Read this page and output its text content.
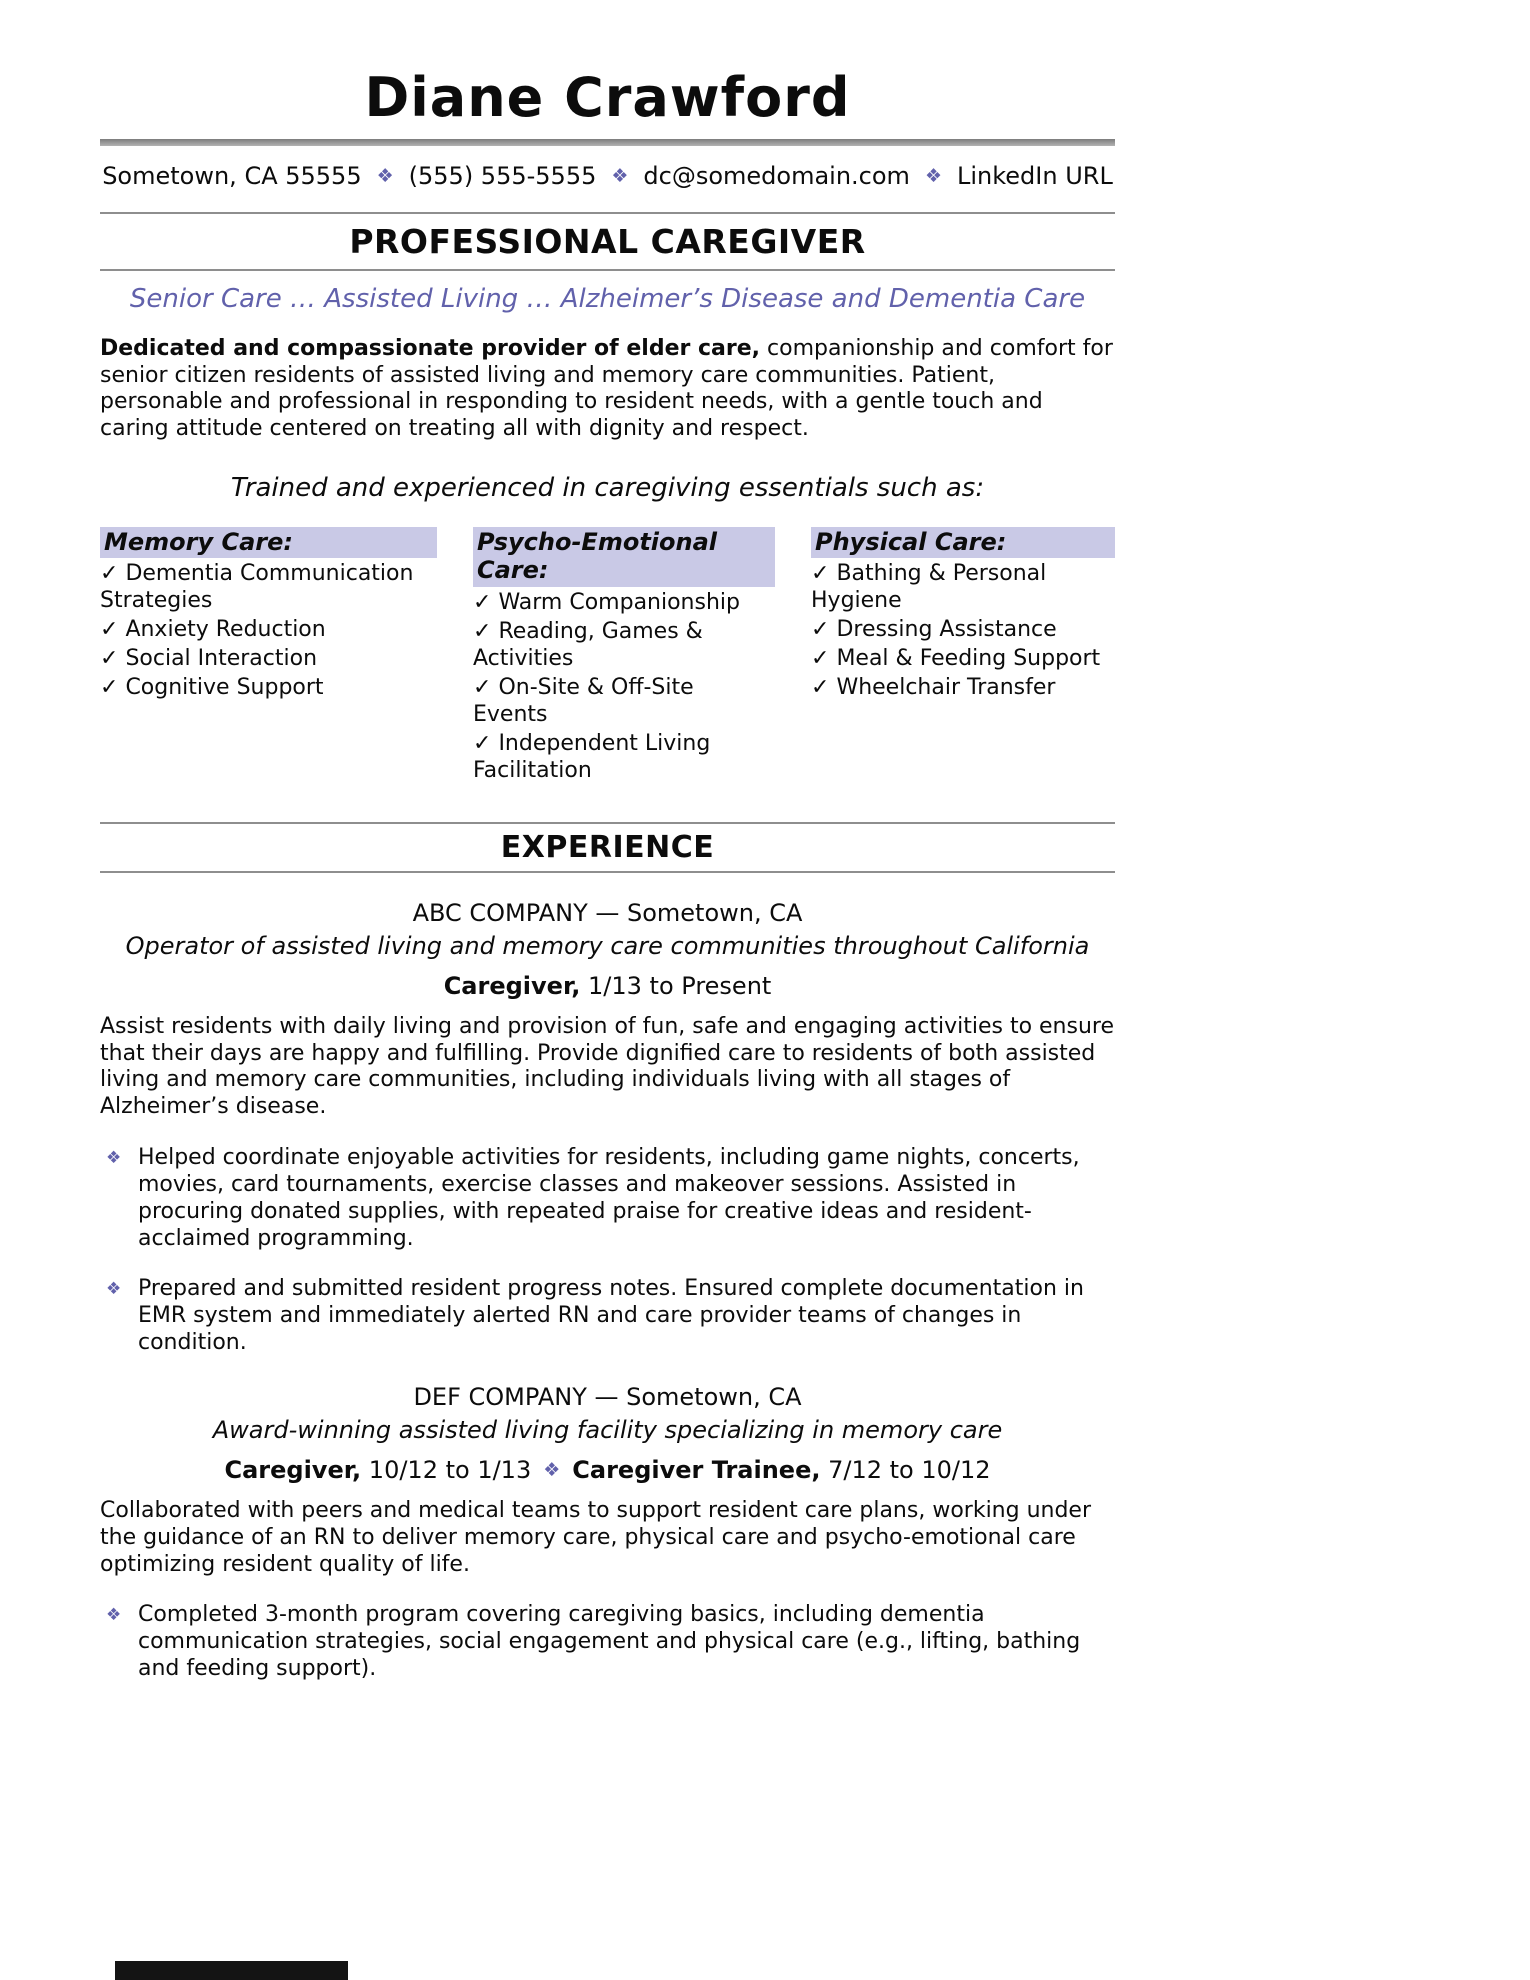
Diane Crawford
Sometown, CA 55555 ❖ (555) 555-5555 ❖ dc@somedomain.com ❖ LinkedIn URL
PROFESSIONAL CAREGIVER
Senior Care … Assisted Living … Alzheimer’s Disease and Dementia Care

Dedicated and compassionate provider of elder care, companionship and comfort for senior citizen residents of assisted living and memory care communities. Patient, personable and professional in responding to resident needs, with a gentle touch and caring attitude centered on treating all with dignity and respect.

Trained and experienced in caregiving essentials such as:
Memory Care:
✓ Dementia Communication Strategies
✓ Anxiety Reduction
✓ Social Interaction
✓ Cognitive Support
Psycho-Emotional Care:
✓ Warm Companionship
✓ Reading, Games & Activities
✓ On-Site & Off-Site Events
✓ Independent Living Facilitation
Physical Care:
✓ Bathing & Personal Hygiene
✓ Dressing Assistance
✓ Meal & Feeding Support
✓ Wheelchair Transfer
EXPERIENCE
ABC COMPANY — Sometown, CA
Operator of assisted living and memory care communities throughout California
Caregiver, 1/13 to Present

Assist residents with daily living and provision of fun, safe and engaging activities to ensure that their days are happy and fulfilling. Provide dignified care to residents of both assisted living and memory care communities, including individuals living with all stages of Alzheimer’s disease.

❖ Helped coordinate enjoyable activities for residents, including game nights, concerts, movies, card tournaments, exercise classes and makeover sessions. Assisted in procuring donated supplies, with repeated praise for creative ideas and resident-acclaimed programming.
❖ Prepared and submitted resident progress notes. Ensured complete documentation in EMR system and immediately alerted RN and care provider teams of changes in condition.
DEF COMPANY — Sometown, CA
Award-winning assisted living facility specializing in memory care
Caregiver, 10/12 to 1/13 ❖ Caregiver Trainee, 7/12 to 10/12

Collaborated with peers and medical teams to support resident care plans, working under the guidance of an RN to deliver memory care, physical care and psycho-emotional care optimizing resident quality of life.

❖ Completed 3-month program covering caregiving basics, including dementia communication strategies, social engagement and physical care (e.g., lifting, bathing and feeding support).
